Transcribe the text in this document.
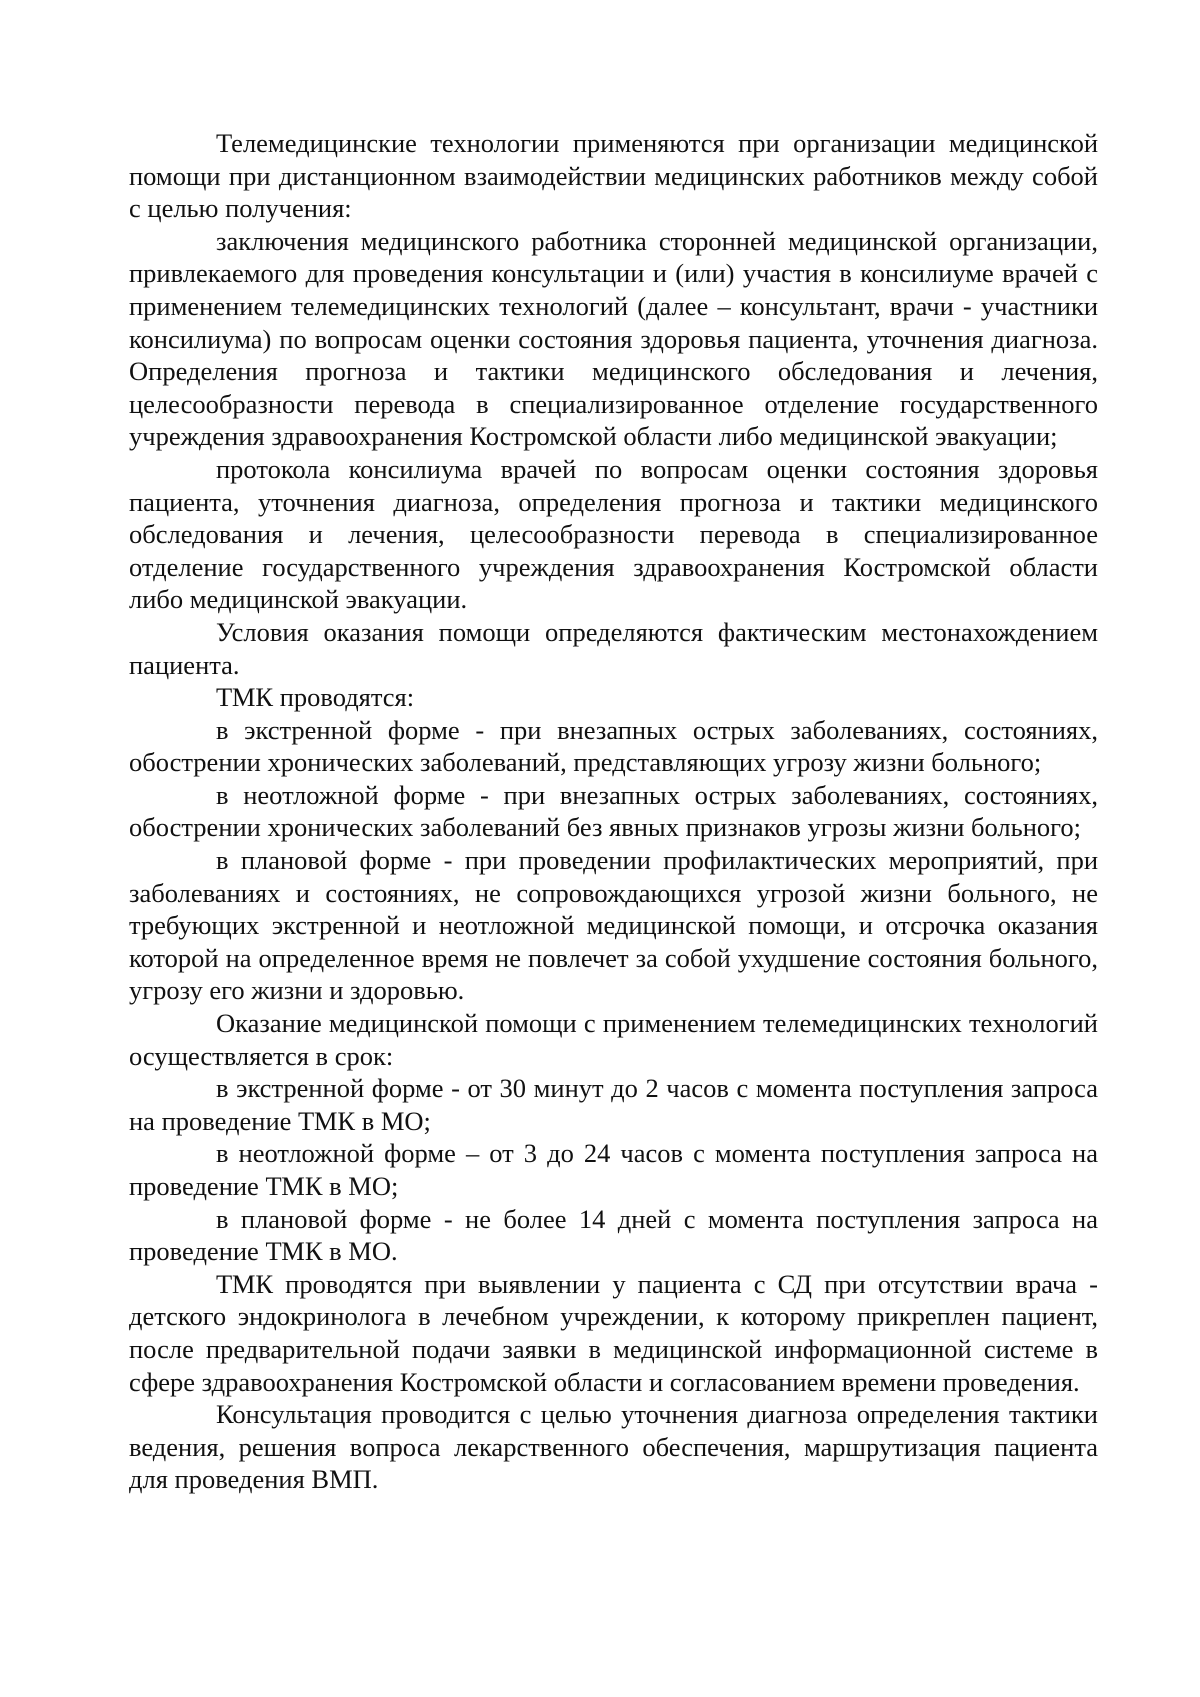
Телемедицинские технологии применяются при организации медицинской помощи при дистанционном взаимодействии медицинских работников между собой с целью получения:

заключения медицинского работника сторонней медицинской организации, привлекаемого для проведения консультации и (или) участия в консилиуме врачей с применением телемедицинских технологий (далее – консультант, врачи - участники консилиума) по вопросам оценки состояния здоровья пациента, уточнения диагноза. Определения прогноза и тактики медицинского обследования и лечения, целесообразности перевода в специализированное отделение государственного учреждения здравоохранения Костромской области либо медицинской эвакуации;

протокола консилиума врачей по вопросам оценки состояния здоровья пациента, уточнения диагноза, определения прогноза и тактики медицинского обследования и лечения, целесообразности перевода в специализированное отделение государственного учреждения здравоохранения Костромской области либо медицинской эвакуации.

Условия оказания помощи определяются фактическим местонахождением пациента.

ТМК проводятся:

в экстренной форме - при внезапных острых заболеваниях, состояниях, обострении хронических заболеваний, представляющих угрозу жизни больного;

в неотложной форме - при внезапных острых заболеваниях, состояниях, обострении хронических заболеваний без явных признаков угрозы жизни больного;

в плановой форме - при проведении профилактических мероприятий, при заболеваниях и состояниях, не сопровождающихся угрозой жизни больного, не требующих экстренной и неотложной медицинской помощи, и отсрочка оказания которой на определенное время не повлечет за собой ухудшение состояния больного, угрозу его жизни и здоровью.

Оказание медицинской помощи с применением телемедицинских технологий осуществляется в срок:

в экстренной форме - от 30 минут до 2 часов с момента поступления запроса на проведение ТМК в МО;

в неотложной форме – от 3 до 24 часов с момента поступления запроса на проведение ТМК в МО;

в плановой форме - не более 14 дней с момента поступления запроса на проведение ТМК в МО.

ТМК проводятся при выявлении у пациента с СД при отсутствии врача - детского эндокринолога в лечебном учреждении, к которому прикреплен пациент, после предварительной подачи заявки в медицинской информационной системе в сфере здравоохранения Костромской области и согласованием времени проведения.

Консультация проводится с целью уточнения диагноза определения тактики ведения, решения вопроса лекарственного обеспечения, маршрутизация пациента для проведения ВМП.
